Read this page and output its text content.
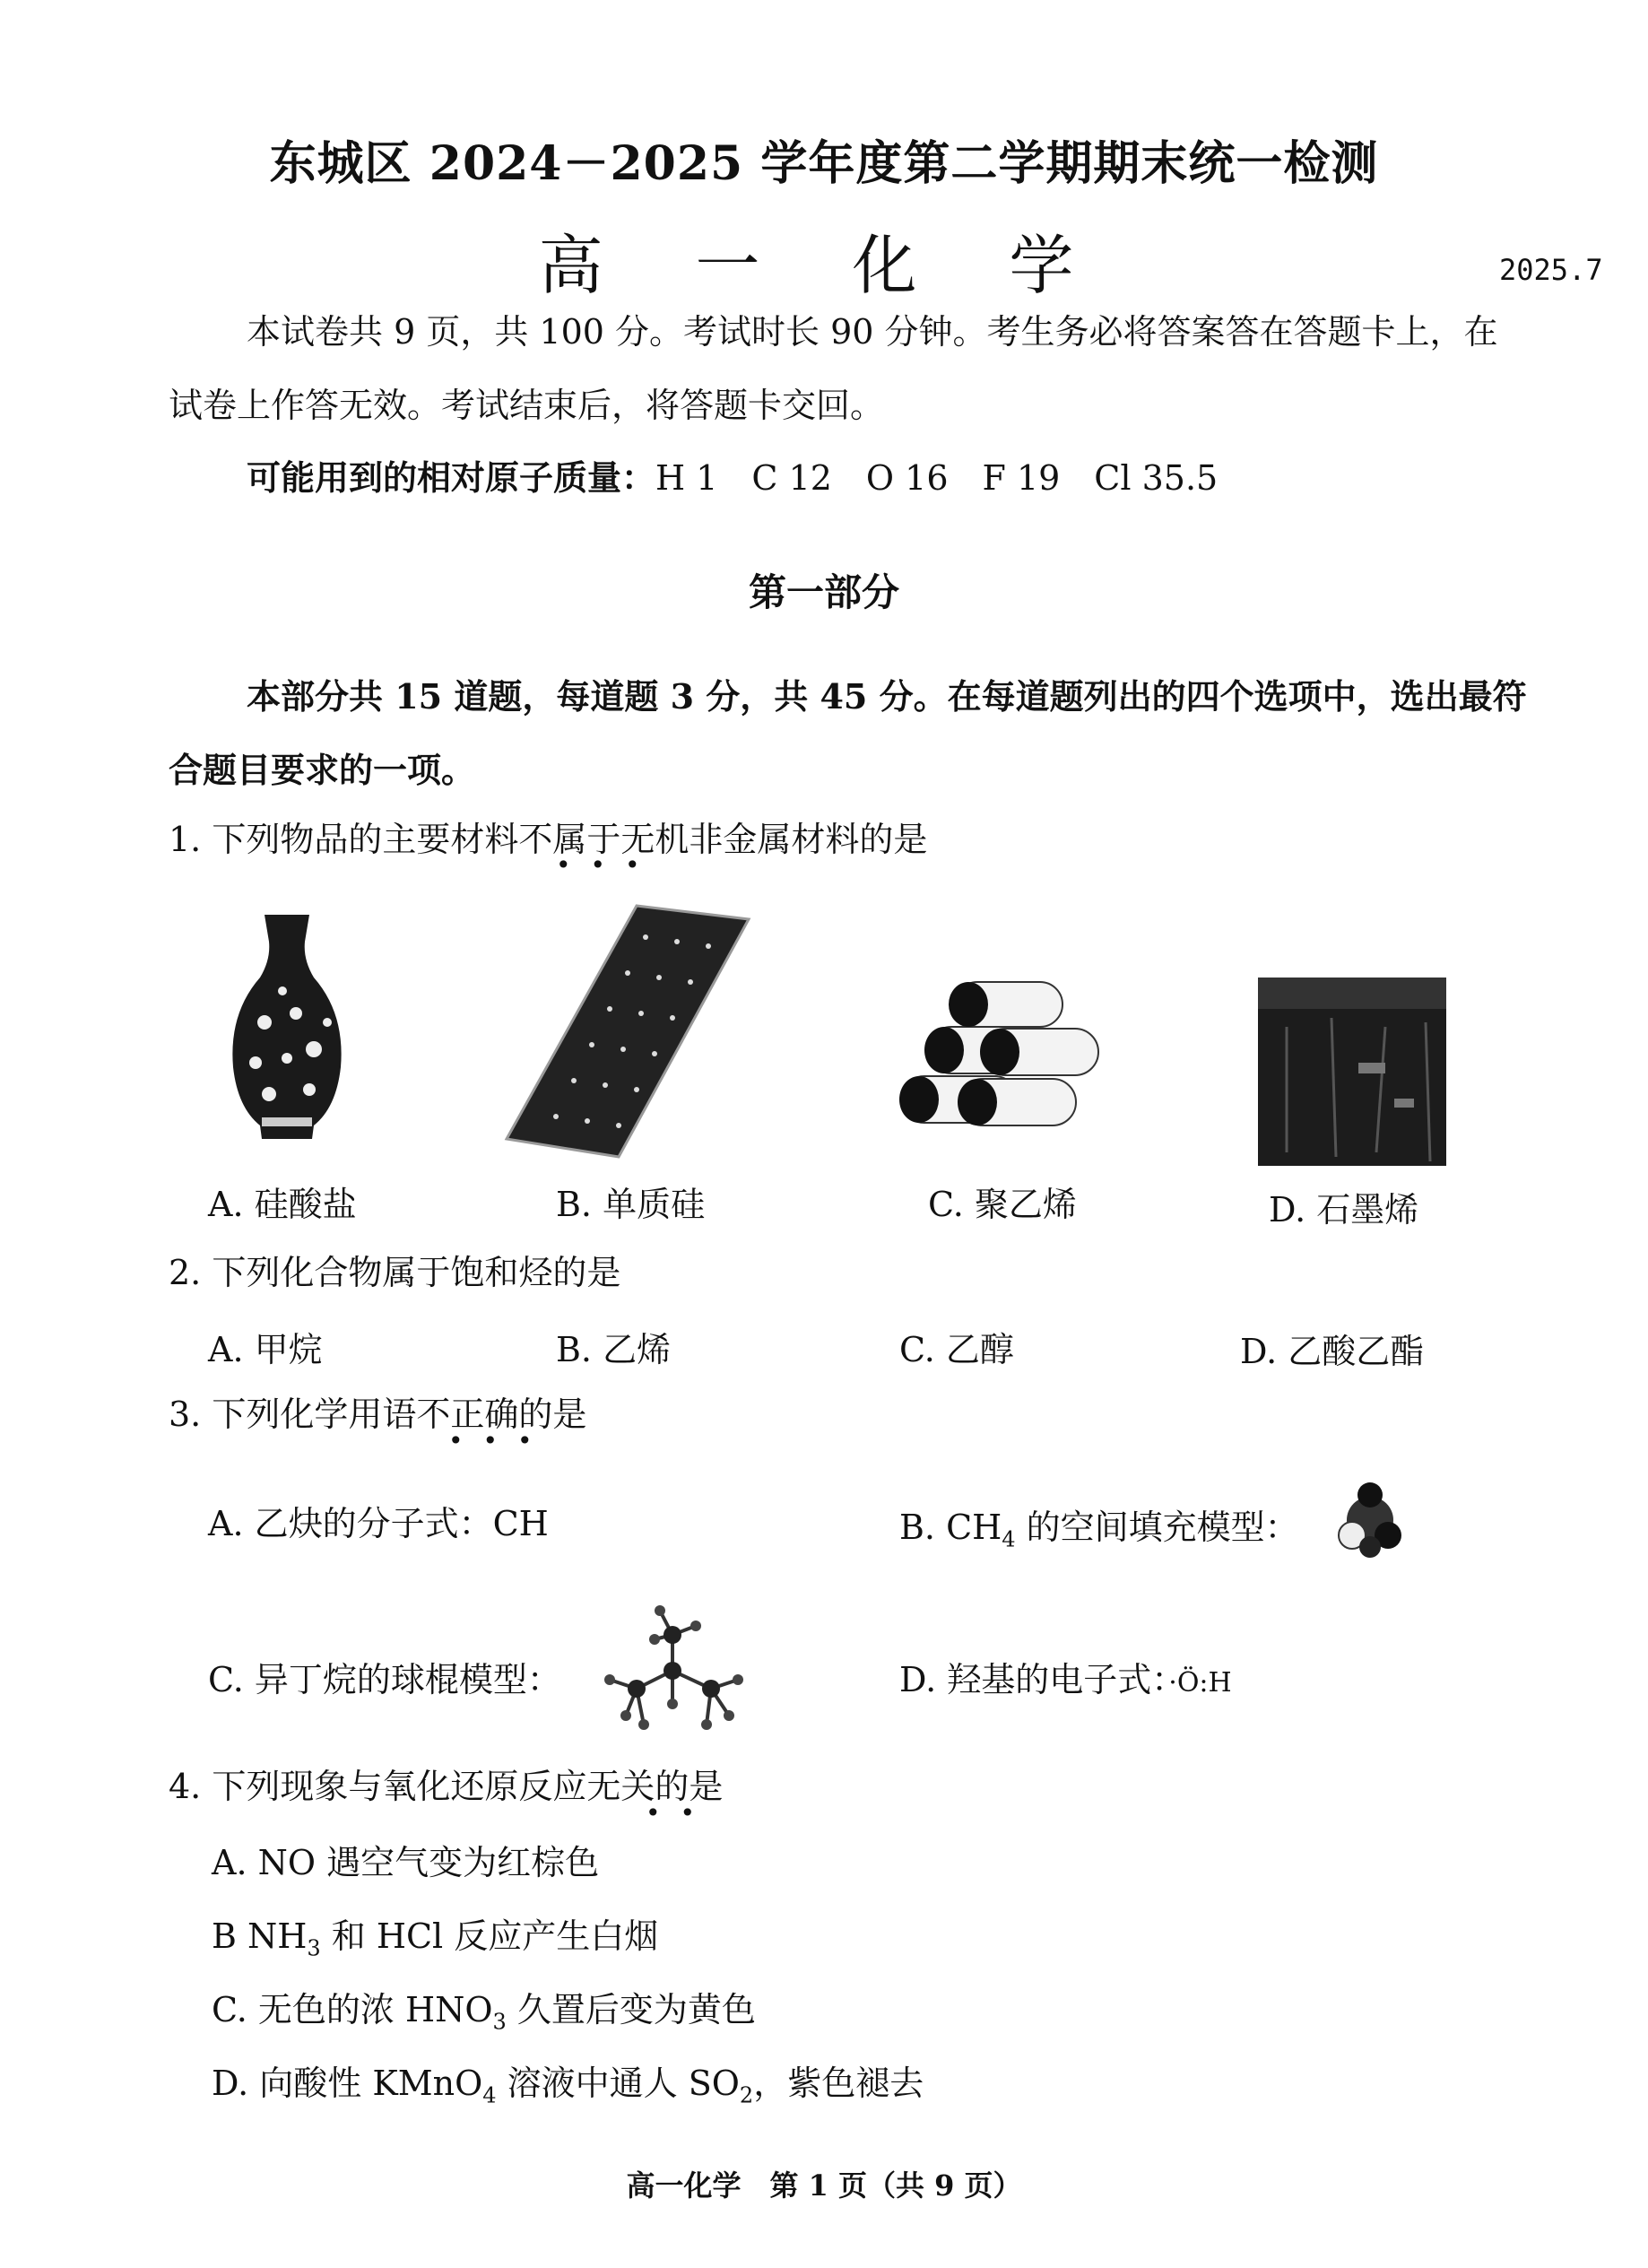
东城区 2024－2025 学年度第二学期期末统一检测
高 一 化 学	2025.7
本试卷共 9 页，共 100 分。考试时长 90 分钟。考生务必将答案答在答题卡上，在
试卷上作答无效。考试结束后，将答题卡交回。
可能用到的相对原子质量：H 1　C 12　O 16　F 19　Cl 35.5
第一部分
本部分共 15 道题，每道题 3 分，共 45 分。在每道题列出的四个选项中，选出最符
合题目要求的一项。
1. 下列物品的主要材料不属于无机非金属材料的是
•••
A. 硅酸盐	B. 单质硅	C. 聚乙烯	D. 石墨烯
2. 下列化合物属于饱和烃的是
A. 甲烷	B. 乙烯	C. 乙醇	D. 乙酸乙酯
3. 下列化学用语不正确的是
•••
A. 乙炔的分子式：CH	B. $CH_4$ 的空间填充模型：
C. 异丁烷的球棍模型：	D. 羟基的电子式：·Ö:H
4. 下列现象与氧化还原反应无关的是
••
A. NO 遇空气变为红棕色
B $NH_3$ 和 HCl 反应产生白烟
C. 无色的浓 $HNO_3$ 久置后变为黄色
D. 向酸性 KMnO$_4$ 溶液中通人 $SO_2$，紫色褪去
高一化学　第 1 页（共 9 页）
